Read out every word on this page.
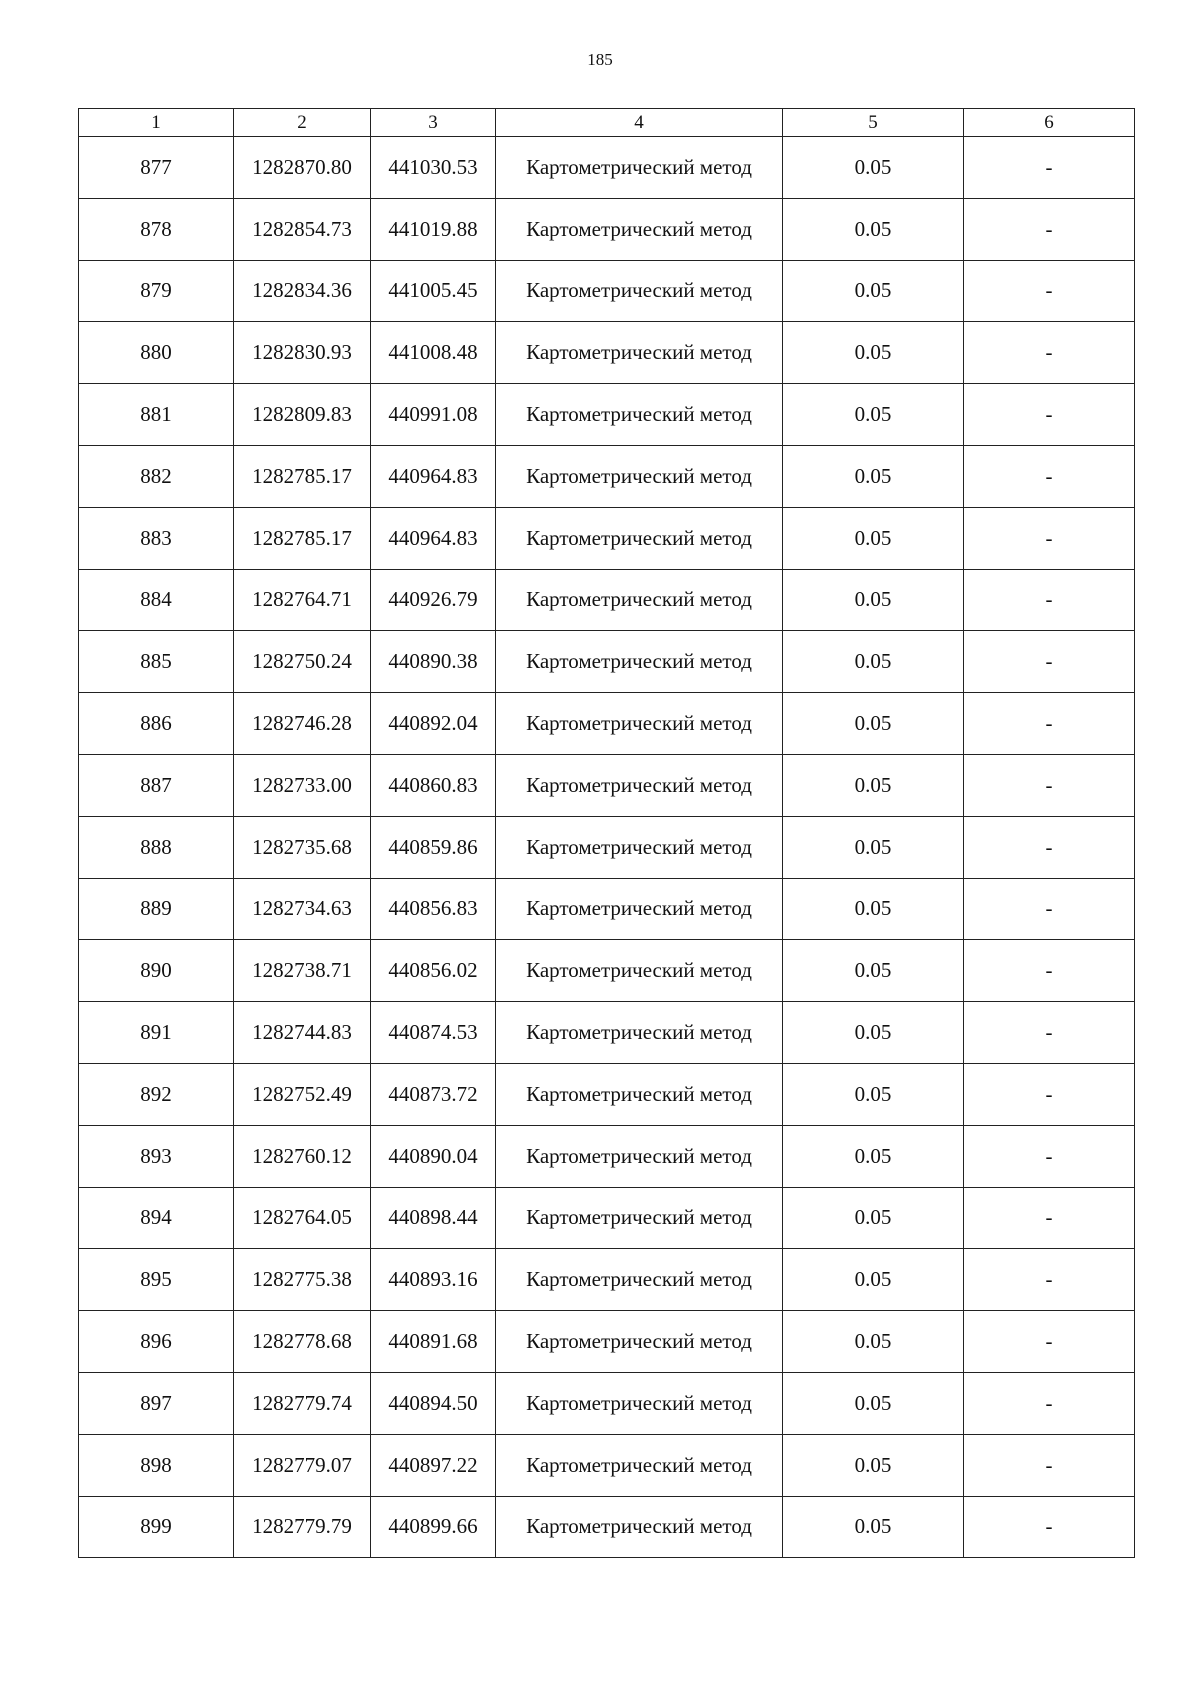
185
1	2	3	4	5	6
877	1282870.80	441030.53	Картометрический метод	0.05	-
878	1282854.73	441019.88	Картометрический метод	0.05	-
879	1282834.36	441005.45	Картометрический метод	0.05	-
880	1282830.93	441008.48	Картометрический метод	0.05	-
881	1282809.83	440991.08	Картометрический метод	0.05	-
882	1282785.17	440964.83	Картометрический метод	0.05	-
883	1282785.17	440964.83	Картометрический метод	0.05	-
884	1282764.71	440926.79	Картометрический метод	0.05	-
885	1282750.24	440890.38	Картометрический метод	0.05	-
886	1282746.28	440892.04	Картометрический метод	0.05	-
887	1282733.00	440860.83	Картометрический метод	0.05	-
888	1282735.68	440859.86	Картометрический метод	0.05	-
889	1282734.63	440856.83	Картометрический метод	0.05	-
890	1282738.71	440856.02	Картометрический метод	0.05	-
891	1282744.83	440874.53	Картометрический метод	0.05	-
892	1282752.49	440873.72	Картометрический метод	0.05	-
893	1282760.12	440890.04	Картометрический метод	0.05	-
894	1282764.05	440898.44	Картометрический метод	0.05	-
895	1282775.38	440893.16	Картометрический метод	0.05	-
896	1282778.68	440891.68	Картометрический метод	0.05	-
897	1282779.74	440894.50	Картометрический метод	0.05	-
898	1282779.07	440897.22	Картометрический метод	0.05	-
899	1282779.79	440899.66	Картометрический метод	0.05	-
